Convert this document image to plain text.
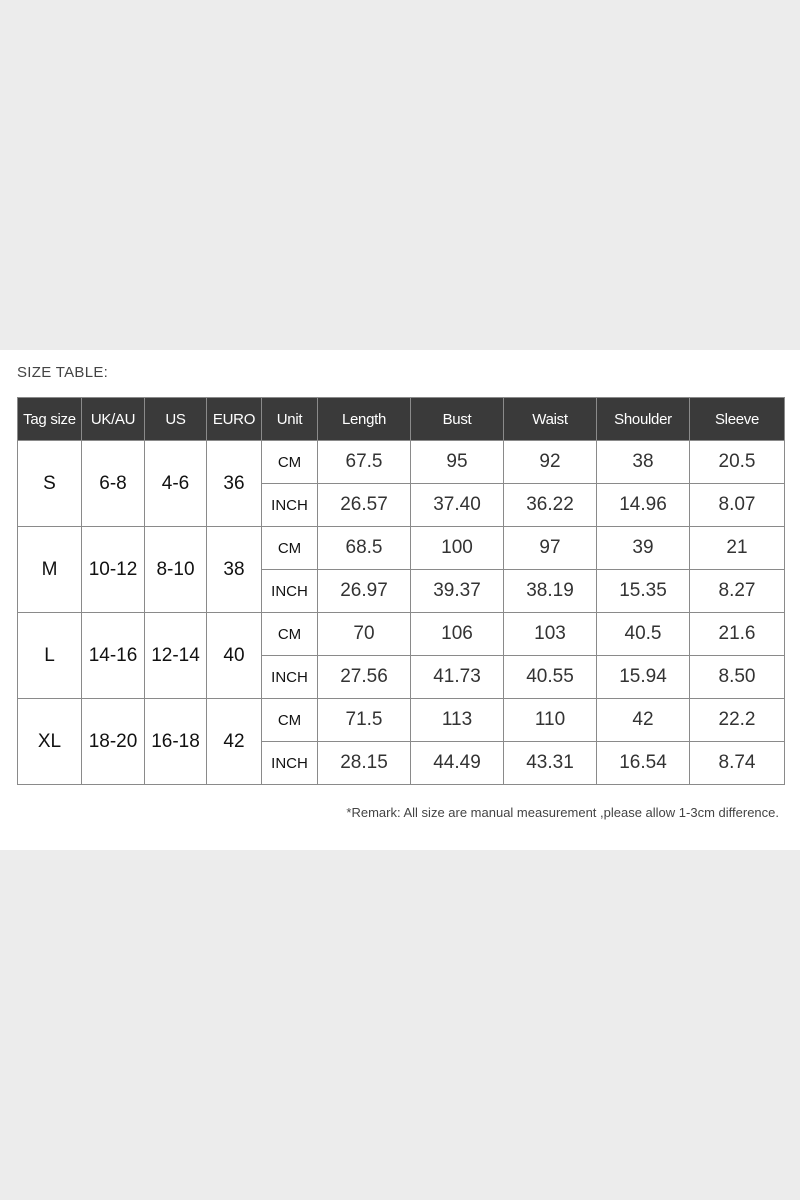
SIZE TABLE:
Tag size	UK/AU	US	EURO	Unit	Length	Bust	Waist	Shoulder	Sleeve
S	6-8	4-6	36	CM	67.5	95	92	38	20.5
				INCH	26.57	37.40	36.22	14.96	8.07
M	10-12	8-10	38	CM	68.5	100	97	39	21
				INCH	26.97	39.37	38.19	15.35	8.27
L	14-16	12-14	40	CM	70	106	103	40.5	21.6
				INCH	27.56	41.73	40.55	15.94	8.50
XL	18-20	16-18	42	CM	71.5	113	110	42	22.2
				INCH	28.15	44.49	43.31	16.54	8.74
*Remark: All size are manual measurement ,please allow 1-3cm difference.
